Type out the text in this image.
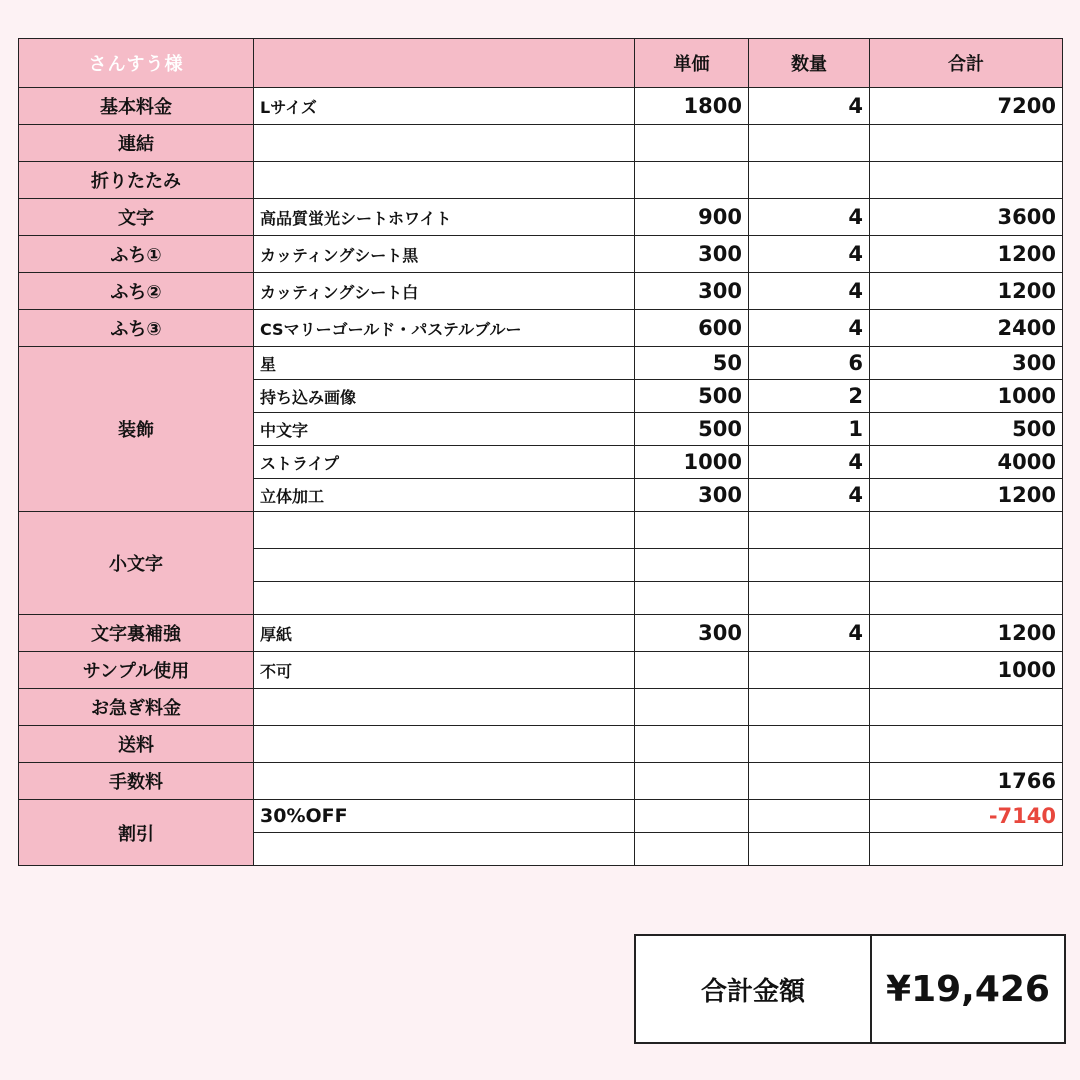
さんすう様		単価	数量	合計
基本料金	Lサイズ	1800	4	7200
連結				
折りたたみ				
文字	高品質蛍光シートホワイト	900	4	3600
ふち①	カッティングシート黒	300	4	1200
ふち②	カッティングシート白	300	4	1200
ふち③	CSマリーゴールド・パステルブルー	600	4	2400
装飾	星	50	6	300
	持ち込み画像	500	2	1000
	中文字	500	1	500
	ストライプ	1000	4	4000
	立体加工	300	4	1200
小文字				

文字裏補強	厚紙	300	4	1200
サンプル使用	不可			1000
お急ぎ料金				
送料				
手数料				1766
割引	30%OFF			-7140

合計金額	¥19,426
